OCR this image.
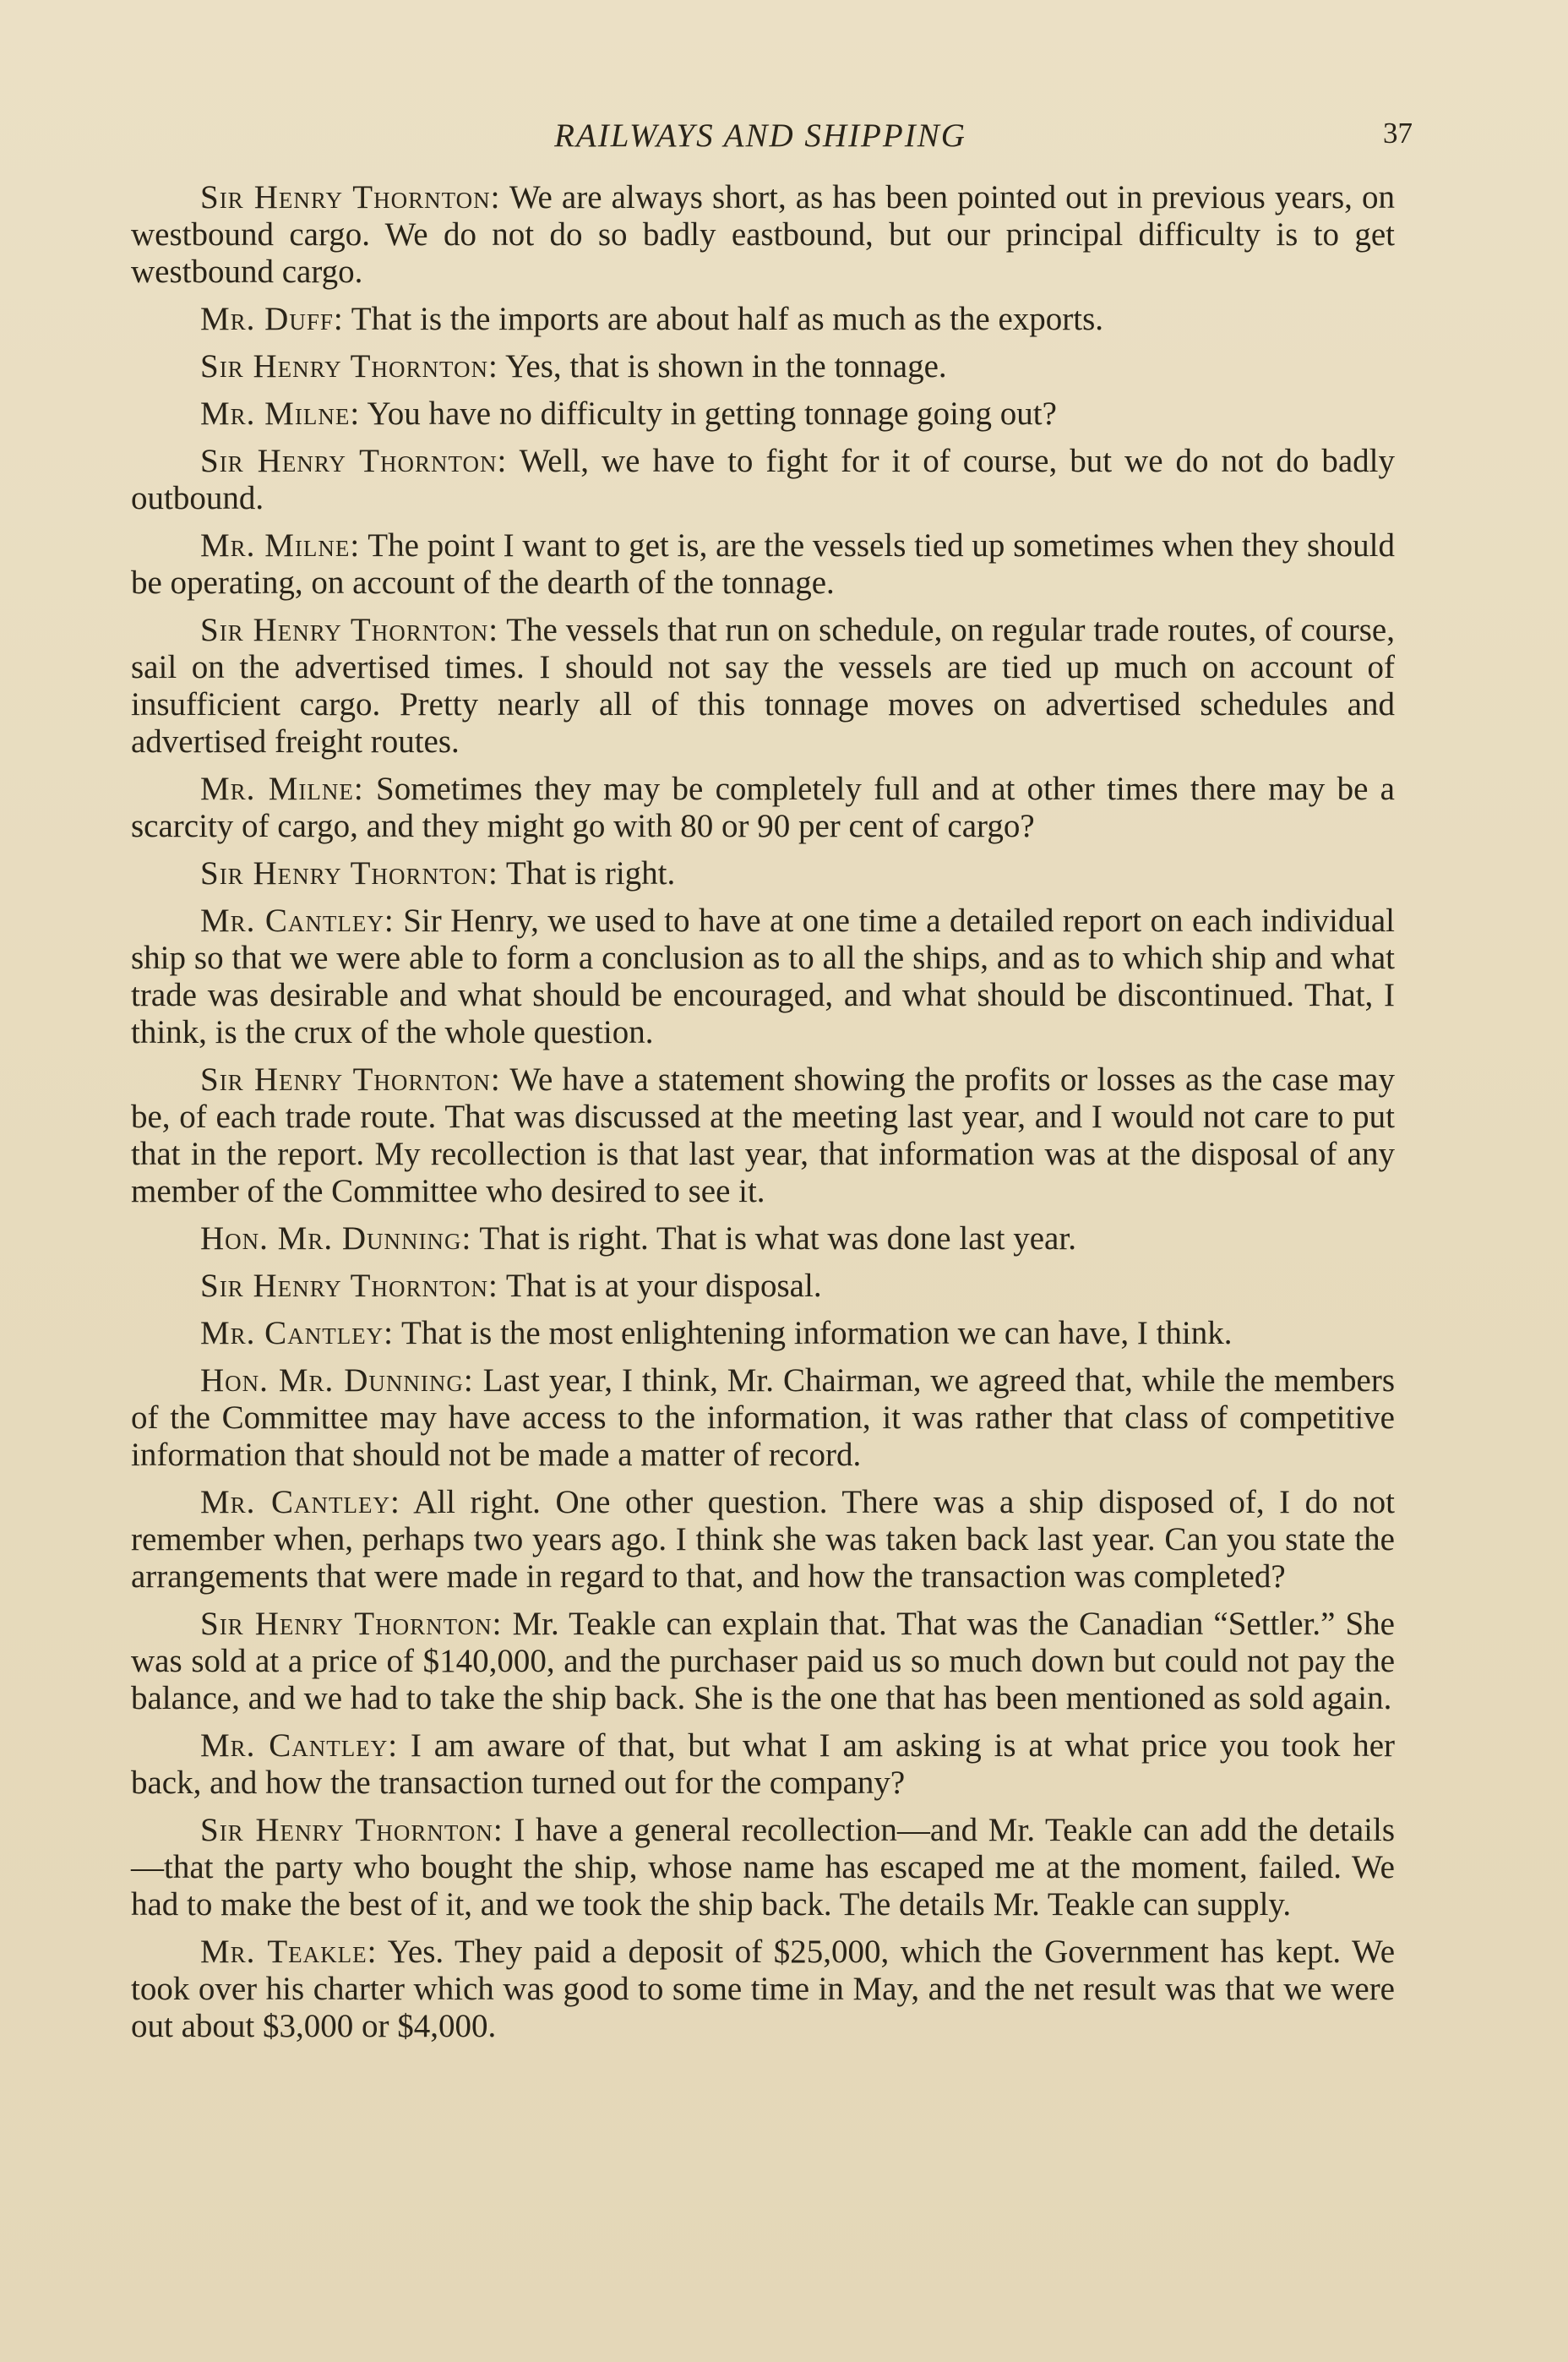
RAILWAYS AND SHIPPING	37

Sir Henry Thornton: We are always short, as has been pointed out in previous years, on westbound cargo. We do not do so badly eastbound, but our principal difficulty is to get westbound cargo.

Mr. Duff: That is the imports are about half as much as the exports.

Sir Henry Thornton: Yes, that is shown in the tonnage.

Mr. Milne: You have no difficulty in getting tonnage going out?

Sir Henry Thornton: Well, we have to fight for it of course, but we do not do badly outbound.

Mr. Milne: The point I want to get is, are the vessels tied up sometimes when they should be operating, on account of the dearth of the tonnage.

Sir Henry Thornton: The vessels that run on schedule, on regular trade routes, of course, sail on the advertised times. I should not say the vessels are tied up much on account of insufficient cargo. Pretty nearly all of this tonnage moves on advertised schedules and advertised freight routes.

Mr. Milne: Sometimes they may be completely full and at other times there may be a scarcity of cargo, and they might go with 80 or 90 per cent of cargo?

Sir Henry Thornton: That is right.

Mr. Cantley: Sir Henry, we used to have at one time a detailed report on each individual ship so that we were able to form a conclusion as to all the ships, and as to which ship and what trade was desirable and what should be encouraged, and what should be discontinued. That, I think, is the crux of the whole question.

Sir Henry Thornton: We have a statement showing the profits or losses as the case may be, of each trade route. That was discussed at the meeting last year, and I would not care to put that in the report. My recollection is that last year, that information was at the disposal of any member of the Committee who desired to see it.

Hon. Mr. Dunning: That is right. That is what was done last year.

Sir Henry Thornton: That is at your disposal.

Mr. Cantley: That is the most enlightening information we can have, I think.

Hon. Mr. Dunning: Last year, I think, Mr. Chairman, we agreed that, while the members of the Committee may have access to the information, it was rather that class of competitive information that should not be made a matter of record.

Mr. Cantley: All right. One other question. There was a ship disposed of, I do not remember when, perhaps two years ago. I think she was taken back last year. Can you state the arrangements that were made in regard to that, and how the transaction was completed?

Sir Henry Thornton: Mr. Teakle can explain that. That was the Canadian “Settler.” She was sold at a price of $140,000, and the purchaser paid us so much down but could not pay the balance, and we had to take the ship back. She is the one that has been mentioned as sold again.

Mr. Cantley: I am aware of that, but what I am asking is at what price you took her back, and how the transaction turned out for the company?

Sir Henry Thornton: I have a general recollection—and Mr. Teakle can add the details—that the party who bought the ship, whose name has escaped me at the moment, failed. We had to make the best of it, and we took the ship back. The details Mr. Teakle can supply.

Mr. Teakle: Yes. They paid a deposit of $25,000, which the Government has kept. We took over his charter which was good to some time in May, and the net result was that we were out about $3,000 or $4,000.
